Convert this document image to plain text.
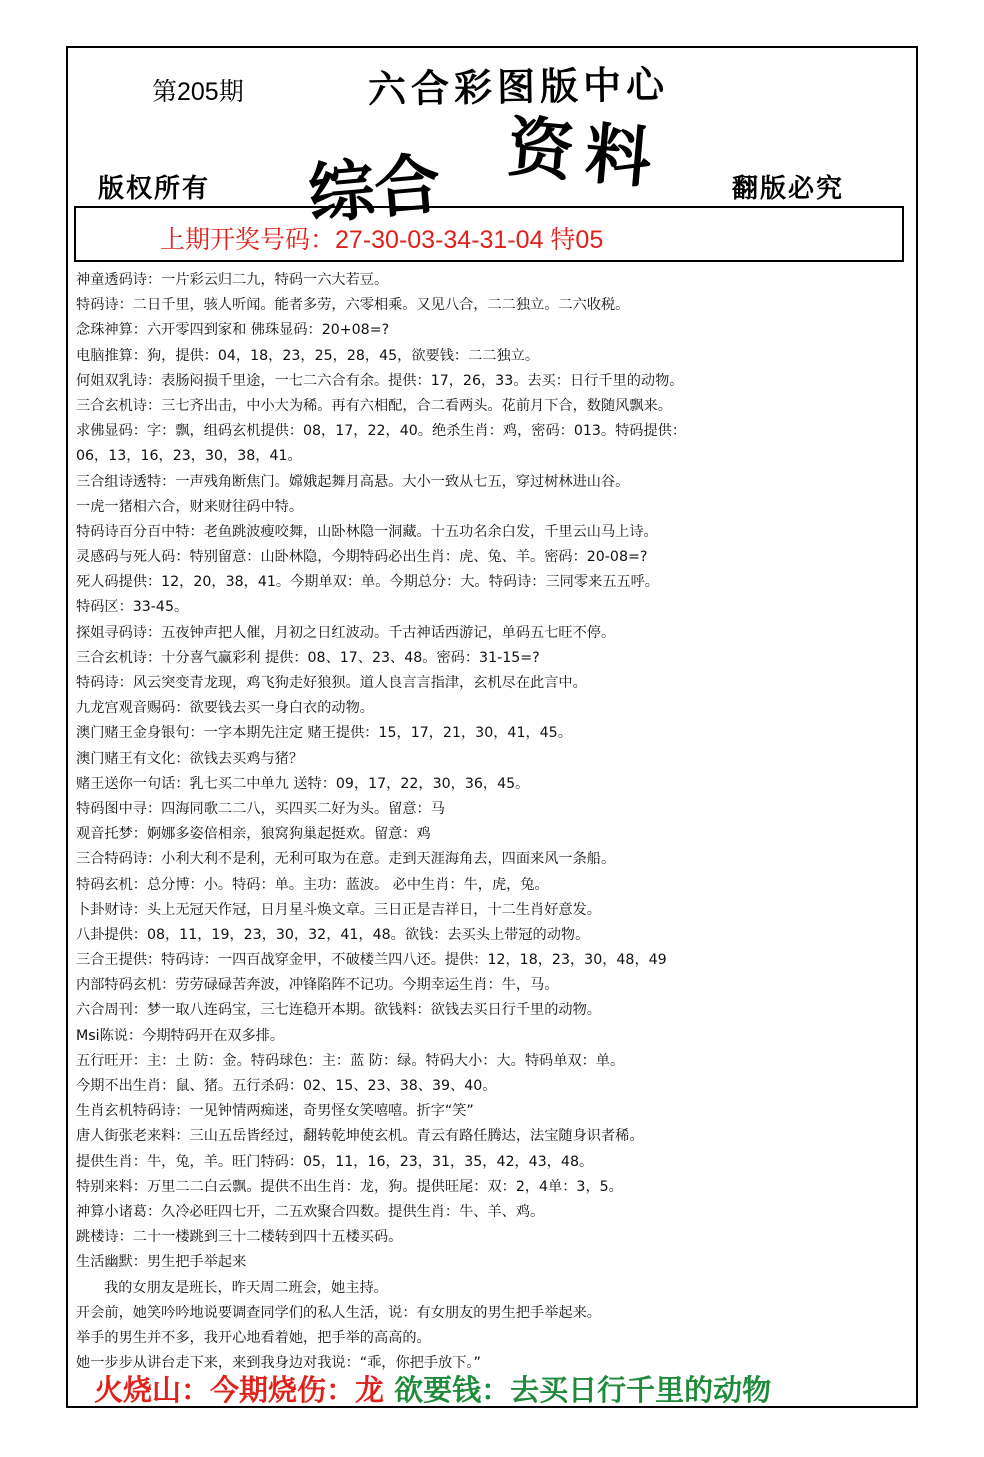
第205期	六合彩图版中心
综合 资料
版权所有	翻版必究
上期开奖号码：27-30-03-34-31-04 特05
神童透码诗：一片彩云归二九，特码一六大若豆。
特码诗：二日千里，骇人听闻。能者多劳，六零相乘。又见八合，二二独立。二六收税。
念珠神算：六开零四到家和 佛珠显码：20+08=?
电脑推算：狗，提供：04，18，23，25，28，45，欲要钱：二二独立。
何姐双乳诗：表肠闷损千里途，一七二六合有余。提供：17，26，33。去买：日行千里的动物。
三合玄机诗：三七齐出击，中小大为稀。再有六相配，合二看两头。花前月下合，数随风飘来。
求佛显码：字：飘，组码玄机提供：08，17，22，40。绝杀生肖：鸡，密码：013。特码提供：
06，13，16，23，30，38，41。
三合组诗透特：一声残角断焦门。嫦娥起舞月高悬。大小一致从七五，穿过树林进山谷。
一虎一猪相六合，财来财往码中特。
特码诗百分百中特：老鱼跳波瘦咬舞，山卧林隐一洞藏。十五功名余白发，千里云山马上诗。
灵感码与死人码：特别留意：山卧林隐，今期特码必出生肖：虎、兔、羊。密码：20-08=?
死人码提供：12，20，38，41。今期单双：单。今期总分：大。特码诗：三同零来五五呼。
特码区：33-45。
探姐寻码诗：五夜钟声把人催，月初之日红波动。千古神话西游记，单码五七旺不停。
三合玄机诗：十分喜气赢彩利 提供：08、17、23、48。密码：31-15=?
特码诗：风云突变青龙现，鸡飞狗走好狼狈。道人良言言指津，玄机尽在此言中。
九龙宫观音赐码：欲要钱去买一身白衣的动物。
澳门赌王金身银句：一字本期先注定 赌王提供：15，17，21，30，41，45。
澳门赌王有文化：欲钱去买鸡与猪？
赌王送你一句话：乳七买二中单九 送特：09，17，22，30，36，45。
特码图中寻：四海同歌二二八，买四买二好为头。留意：马
观音托梦：婀娜多姿倍相亲，狼窝狗巢起挺欢。留意：鸡
三合特码诗：小利大利不是利，无利可取为在意。走到天涯海角去，四面来风一条船。
特码玄机：总分博：小。特码：单。主功：蓝波。 必中生肖：牛，虎，兔。
卜卦财诗：头上无冠天作冠，日月星斗焕文章。三日正是吉祥日，十二生肖好意发。
八卦提供：08，11，19，23，30，32，41，48。欲钱：去买头上带冠的动物。
三合王提供：特码诗：一四百战穿金甲，不破楼兰四八还。提供：12，18，23，30，48，49
内部特码玄机：劳劳碌碌苦奔波，冲锋陷阵不记功。今期幸运生肖：牛，马。
六合周刊：梦一取八连码宝，三七连稳开本期。欲钱料：欲钱去买日行千里的动物。
Msi陈说：今期特码开在双多排。
五行旺开：主：土 防：金。特码球色：主：蓝 防：绿。特码大小：大。特码单双：单。
今期不出生肖：鼠、猪。五行杀码：02、15、23、38、39、40。
生肖玄机特码诗：一见钟情两痴迷，奇男怪女笑嘻嘻。折字“笑”
唐人街张老来料：三山五岳皆经过，翻转乾坤使玄机。青云有路任腾达，法宝随身识者稀。
提供生肖：牛，兔，羊。旺门特码：05，11，16，23，31，35，42，43，48。
特别来料：万里二二白云飘。提供不出生肖：龙，狗。提供旺尾：双：2，4单：3，5。
神算小诸葛：久冷必旺四七开，二五欢聚合四数。提供生肖：牛、羊、鸡。
跳楼诗：二十一楼跳到三十二楼转到四十五楼买码。
生活幽默：男生把手举起来
我的女朋友是班长，昨天周二班会，她主持。
开会前，她笑吟吟地说要调查同学们的私人生活，说：有女朋友的男生把手举起来。
举手的男生并不多，我开心地看着她，把手举的高高的。
她一步步从讲台走下来，来到我身边对我说：“乖，你把手放下。”
火烧山：今期烧伤：龙 欲要钱：去买日行千里的动物
